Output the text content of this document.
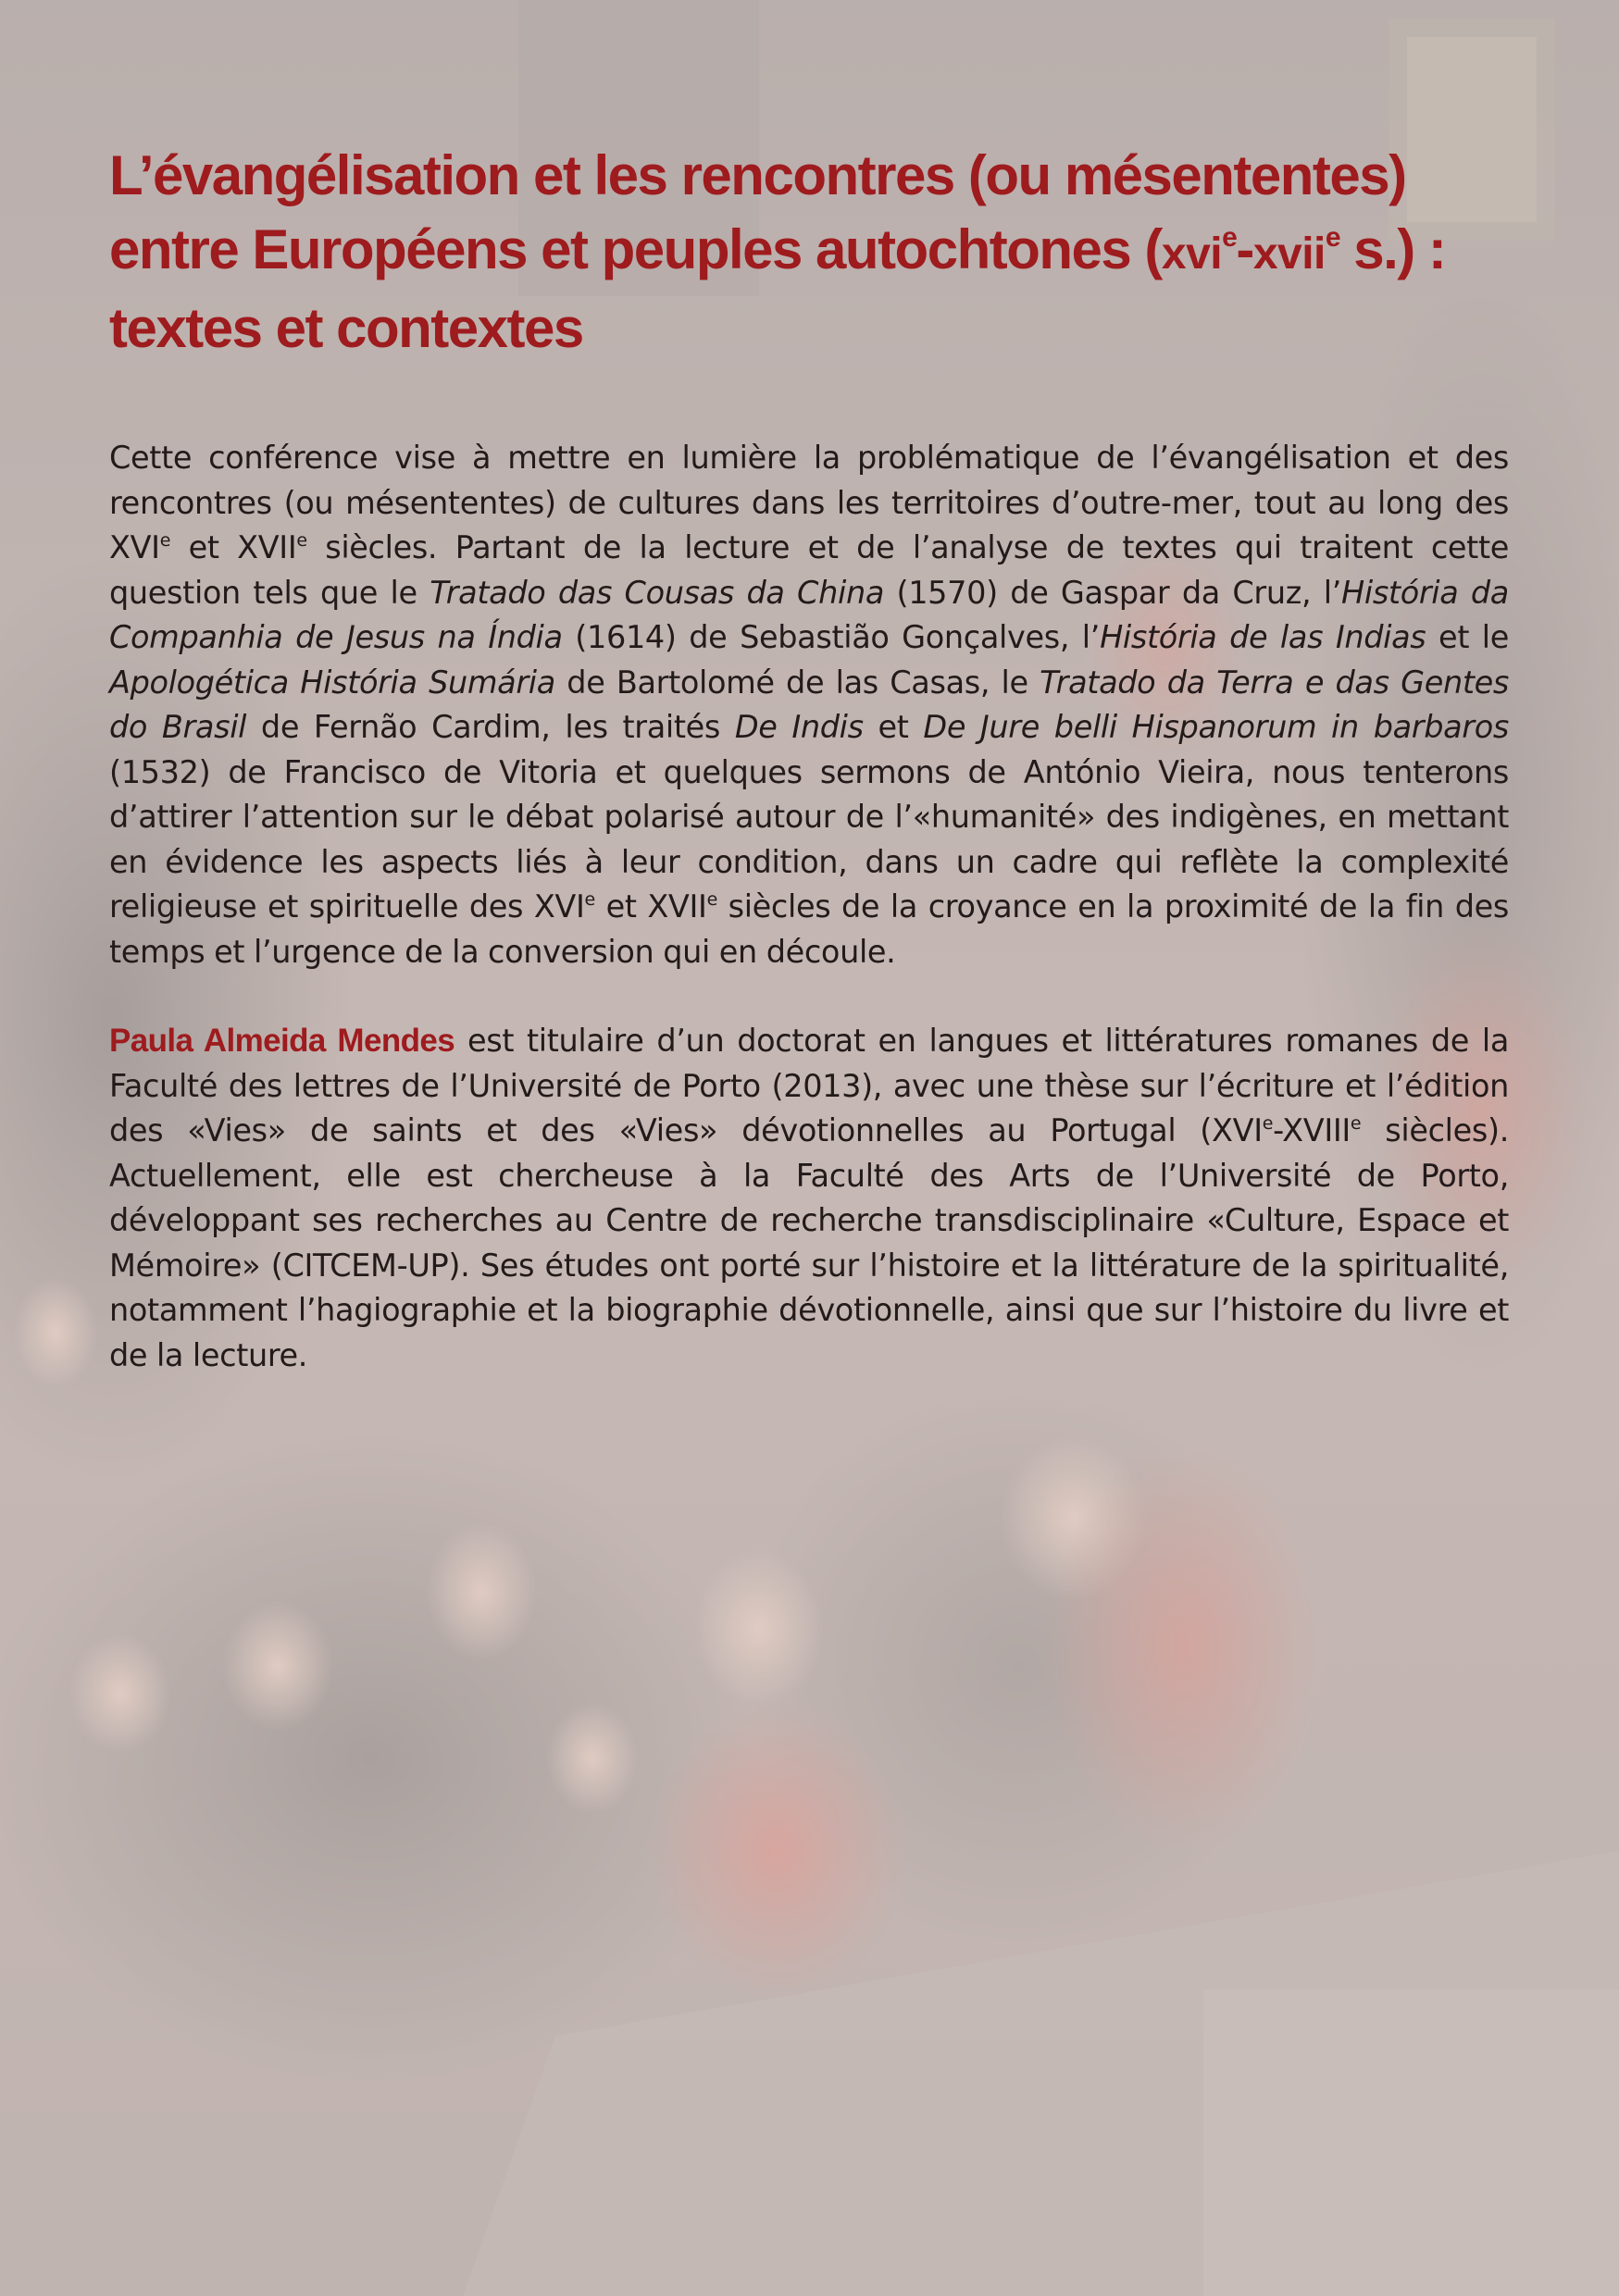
L’évangélisation et les rencontres (ou mésententes)
entre Européens et peuples autochtones (xvi$^e$-xvii$^e$ s.) :
textes et contextes

Cette conférence vise à mettre en lumière la problématique de l’évangélisation et des rencontres (ou mésententes) de cultures dans les territoires d’outre-mer, tout au long des XVIe et XVIIe siècles. Partant de la lecture et de l’analyse de textes qui traitent cette question tels que le Tratado das Cousas da China (1570) de Gaspar da Cruz, l’História da Companhia de Jesus na Índia (1614) de Sebastião Gonçalves, l’História de las Indias et le Apologética História Sumária de Bartolomé de las Casas, le Tratado da Terra e das Gentes do Brasil de Fernão Cardim, les traités De Indis et De Jure belli Hispanorum in barbaros (1532) de Francisco de Vitoria et quelques sermons de António Vieira, nous tenterons d’attirer l’attention sur le débat polarisé autour de l’«humanité» des indigènes, en mettant en évidence les aspects liés à leur condition, dans un cadre qui reflète la complexité religieuse et spirituelle des XVIe et XVIIe siècles de la croyance en la proximité de la fin des temps et l’urgence de la conversion qui en découle.

Paula Almeida Mendes est titulaire d’un doctorat en langues et littératures romanes de la Faculté des lettres de l’Université de Porto (2013), avec une thèse sur l’écriture et l’édition des «Vies» de saints et des «Vies» dévotionnelles au Portugal (XVIe-XVIIIe siècles). Actuellement, elle est chercheuse à la Faculté des Arts de l’Université de Porto, développant ses recherches au Centre de recherche transdisciplinaire «Culture, Espace et Mémoire» (CITCEM-UP). Ses études ont porté sur l’histoire et la littérature de la spiritualité, notamment l’hagiographie et la biographie dévotionnelle, ainsi que sur l’histoire du livre et de la lecture.
